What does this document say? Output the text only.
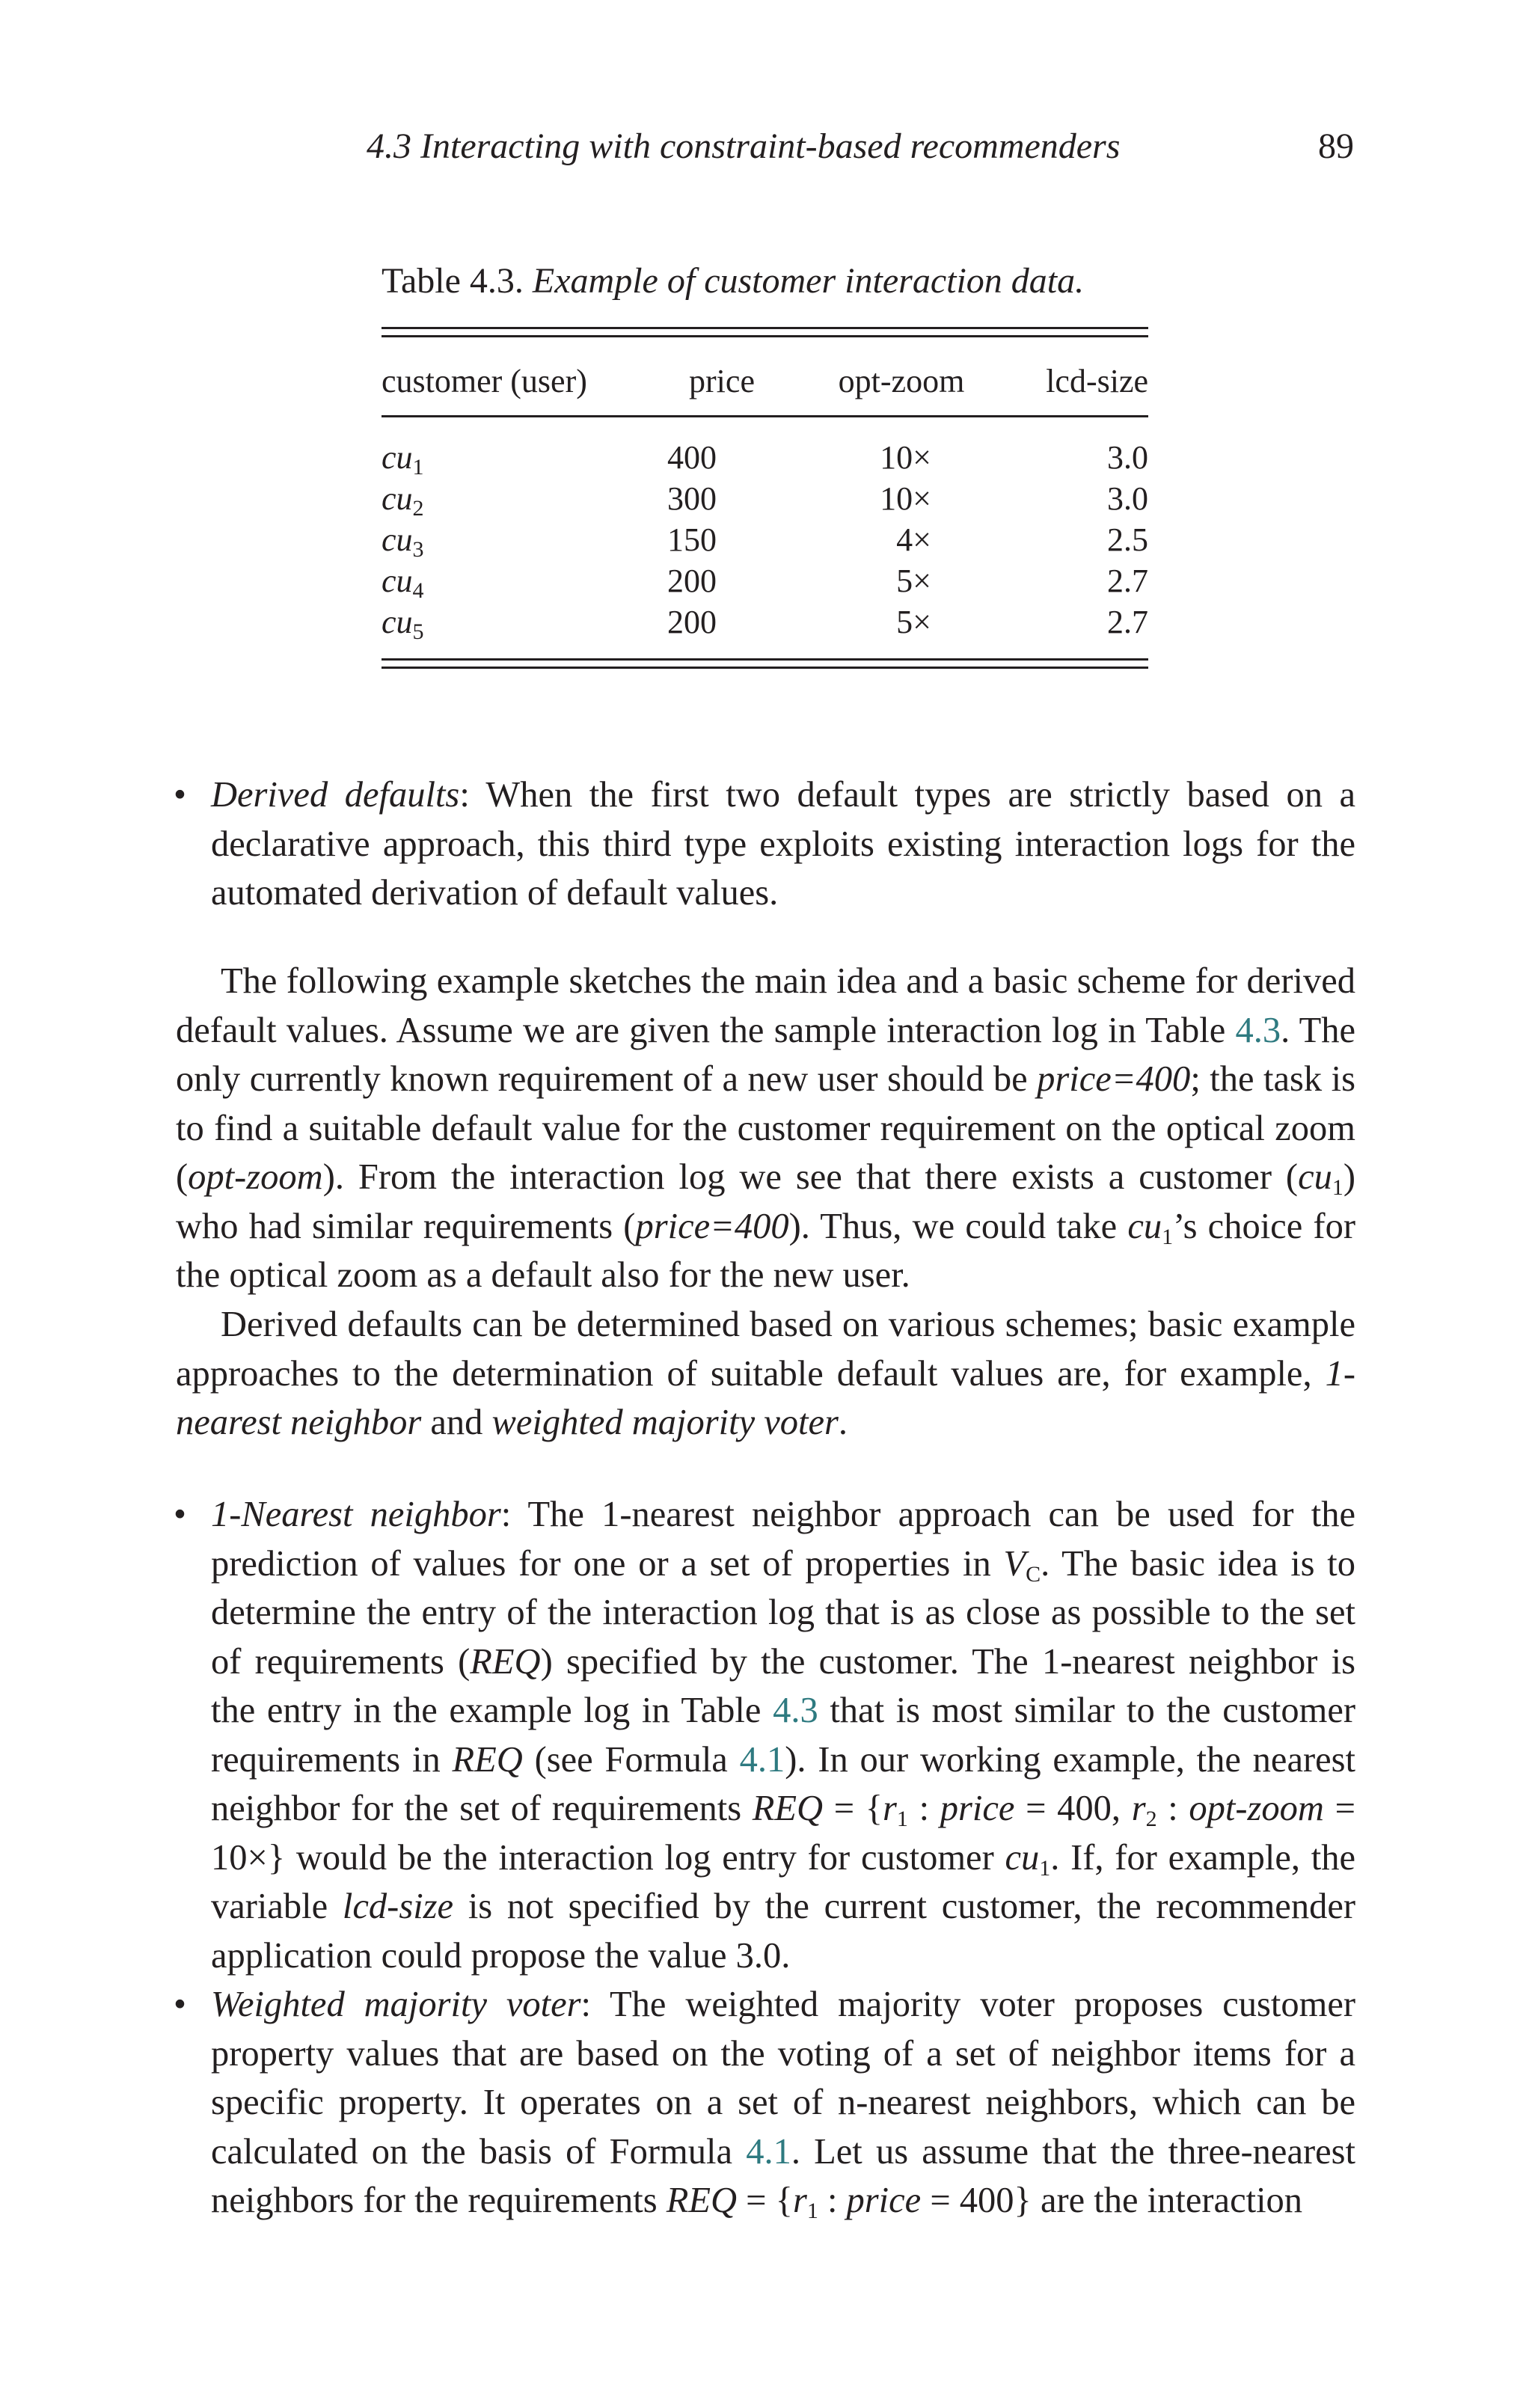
4.3 Interacting with constraint-based recommenders	89
Table 4.3. Example of customer interaction data.
customer (user)	price	opt-zoom	lcd-size
$cu_1$	400	10×	3.0
$cu_2$	300	10×	3.0
$cu_3$	150	4×	2.5
$cu_4$	200	5×	2.7
$cu_5$	200	5×	2.7
• Derived defaults: When the first two default types are strictly based on a declarative approach, this third type exploits existing interaction logs for the automated derivation of default values.
The following example sketches the main idea and a basic scheme for derived default values. Assume we are given the sample interaction log in Table 4.3. The only currently known requirement of a new user should be price=400; the task is to find a suitable default value for the customer requirement on the optical zoom (opt-zoom). From the interaction log we see that there exists a customer $(cu_1)$ who had similar requirements (price=400). Thus, we could take $cu_1’s$ choice for the optical zoom as a default also for the new user.
Derived defaults can be determined based on various schemes; basic example approaches to the determination of suitable default values are, for example, 1-nearest neighbor and weighted majority voter.
• 1-Nearest neighbor: The 1-nearest neighbor approach can be used for the prediction of values for one or a set of properties in $V_C$. The basic idea is to determine the entry of the interaction log that is as close as possible to the set of requirements (REQ) specified by the customer. The 1-nearest neighbor is the entry in the example log in Table 4.3 that is most similar to the customer requirements in REQ (see Formula 4.1). In our working example, the nearest neighbor for the set of requirements REQ = {$r_1$ : price = 400, $r_2$ : opt-zoom = 10×} would be the interaction log entry for customer $cu_1$. If, for example, the variable lcd-size is not specified by the current customer, the recommender application could propose the value 3.0.
• Weighted majority voter: The weighted majority voter proposes customer property values that are based on the voting of a set of neighbor items for a specific property. It operates on a set of n-nearest neighbors, which can be calculated on the basis of Formula 4.1. Let us assume that the three-nearest neighbors for the requirements REQ = {$r_1$ : price = 400} are the interaction
